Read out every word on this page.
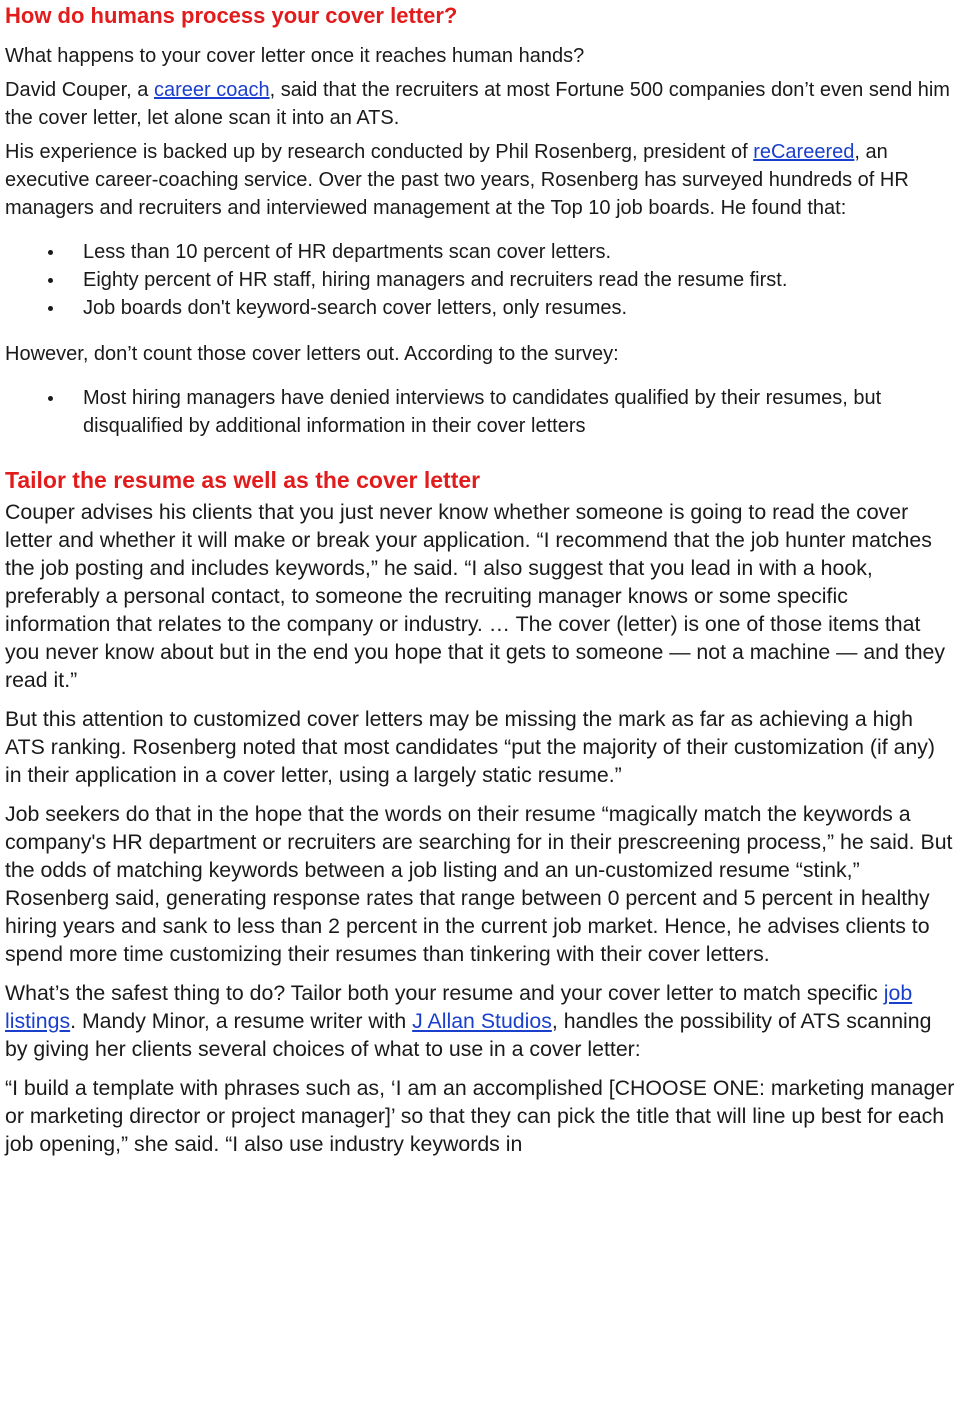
How do humans process your cover letter?

What happens to your cover letter once it reaches human hands?

David Couper, a career coach, said that the recruiters at most Fortune 500 companies don’t even send him the cover letter, let alone scan it into an ATS.

His experience is backed up by research conducted by Phil Rosenberg, president of reCareered, an executive career-coaching service. Over the past two years, Rosenberg has surveyed hundreds of HR managers and recruiters and interviewed management at the Top 10 job boards. He found that:

Less than 10 percent of HR departments scan cover letters.
Eighty percent of HR staff, hiring managers and recruiters read the resume first.
Job boards don't keyword-search cover letters, only resumes.

However, don’t count those cover letters out. According to the survey:

Most hiring managers have denied interviews to candidates qualified by their resumes, but disqualified by additional information in their cover letters
Tailor the resume as well as the cover letter

Couper advises his clients that you just never know whether someone is going to read the cover letter and whether it will make or break your application. “I recommend that the job hunter matches the job posting and includes keywords,” he said. “I also suggest that you lead in with a hook, preferably a personal contact, to someone the recruiting manager knows or some specific information that relates to the company or industry. … The cover (letter) is one of those items that you never know about but in the end you hope that it gets to someone — not a machine — and they read it.”

But this attention to customized cover letters may be missing the mark as far as achieving a high ATS ranking. Rosenberg noted that most candidates “put the majority of their customization (if any) in their application in a cover letter, using a largely static resume.”

Job seekers do that in the hope that the words on their resume “magically match the keywords a company's HR department or recruiters are searching for in their prescreening process,” he said. But the odds of matching keywords between a job listing and an un-customized resume “stink,” Rosenberg said, generating response rates that range between 0 percent and 5 percent in healthy hiring years and sank to less than 2 percent in the current job market. Hence, he advises clients to spend more time customizing their resumes than tinkering with their cover letters.

What’s the safest thing to do? Tailor both your resume and your cover letter to match specific job listings. Mandy Minor, a resume writer with J Allan Studios, handles the possibility of ATS scanning by giving her clients several choices of what to use in a cover letter:

“I build a template with phrases such as, ‘I am an accomplished [CHOOSE ONE: marketing manager or marketing director or project manager]’ so that they can pick the title that will line up best for each job opening,” she said. “I also use industry keywords in
